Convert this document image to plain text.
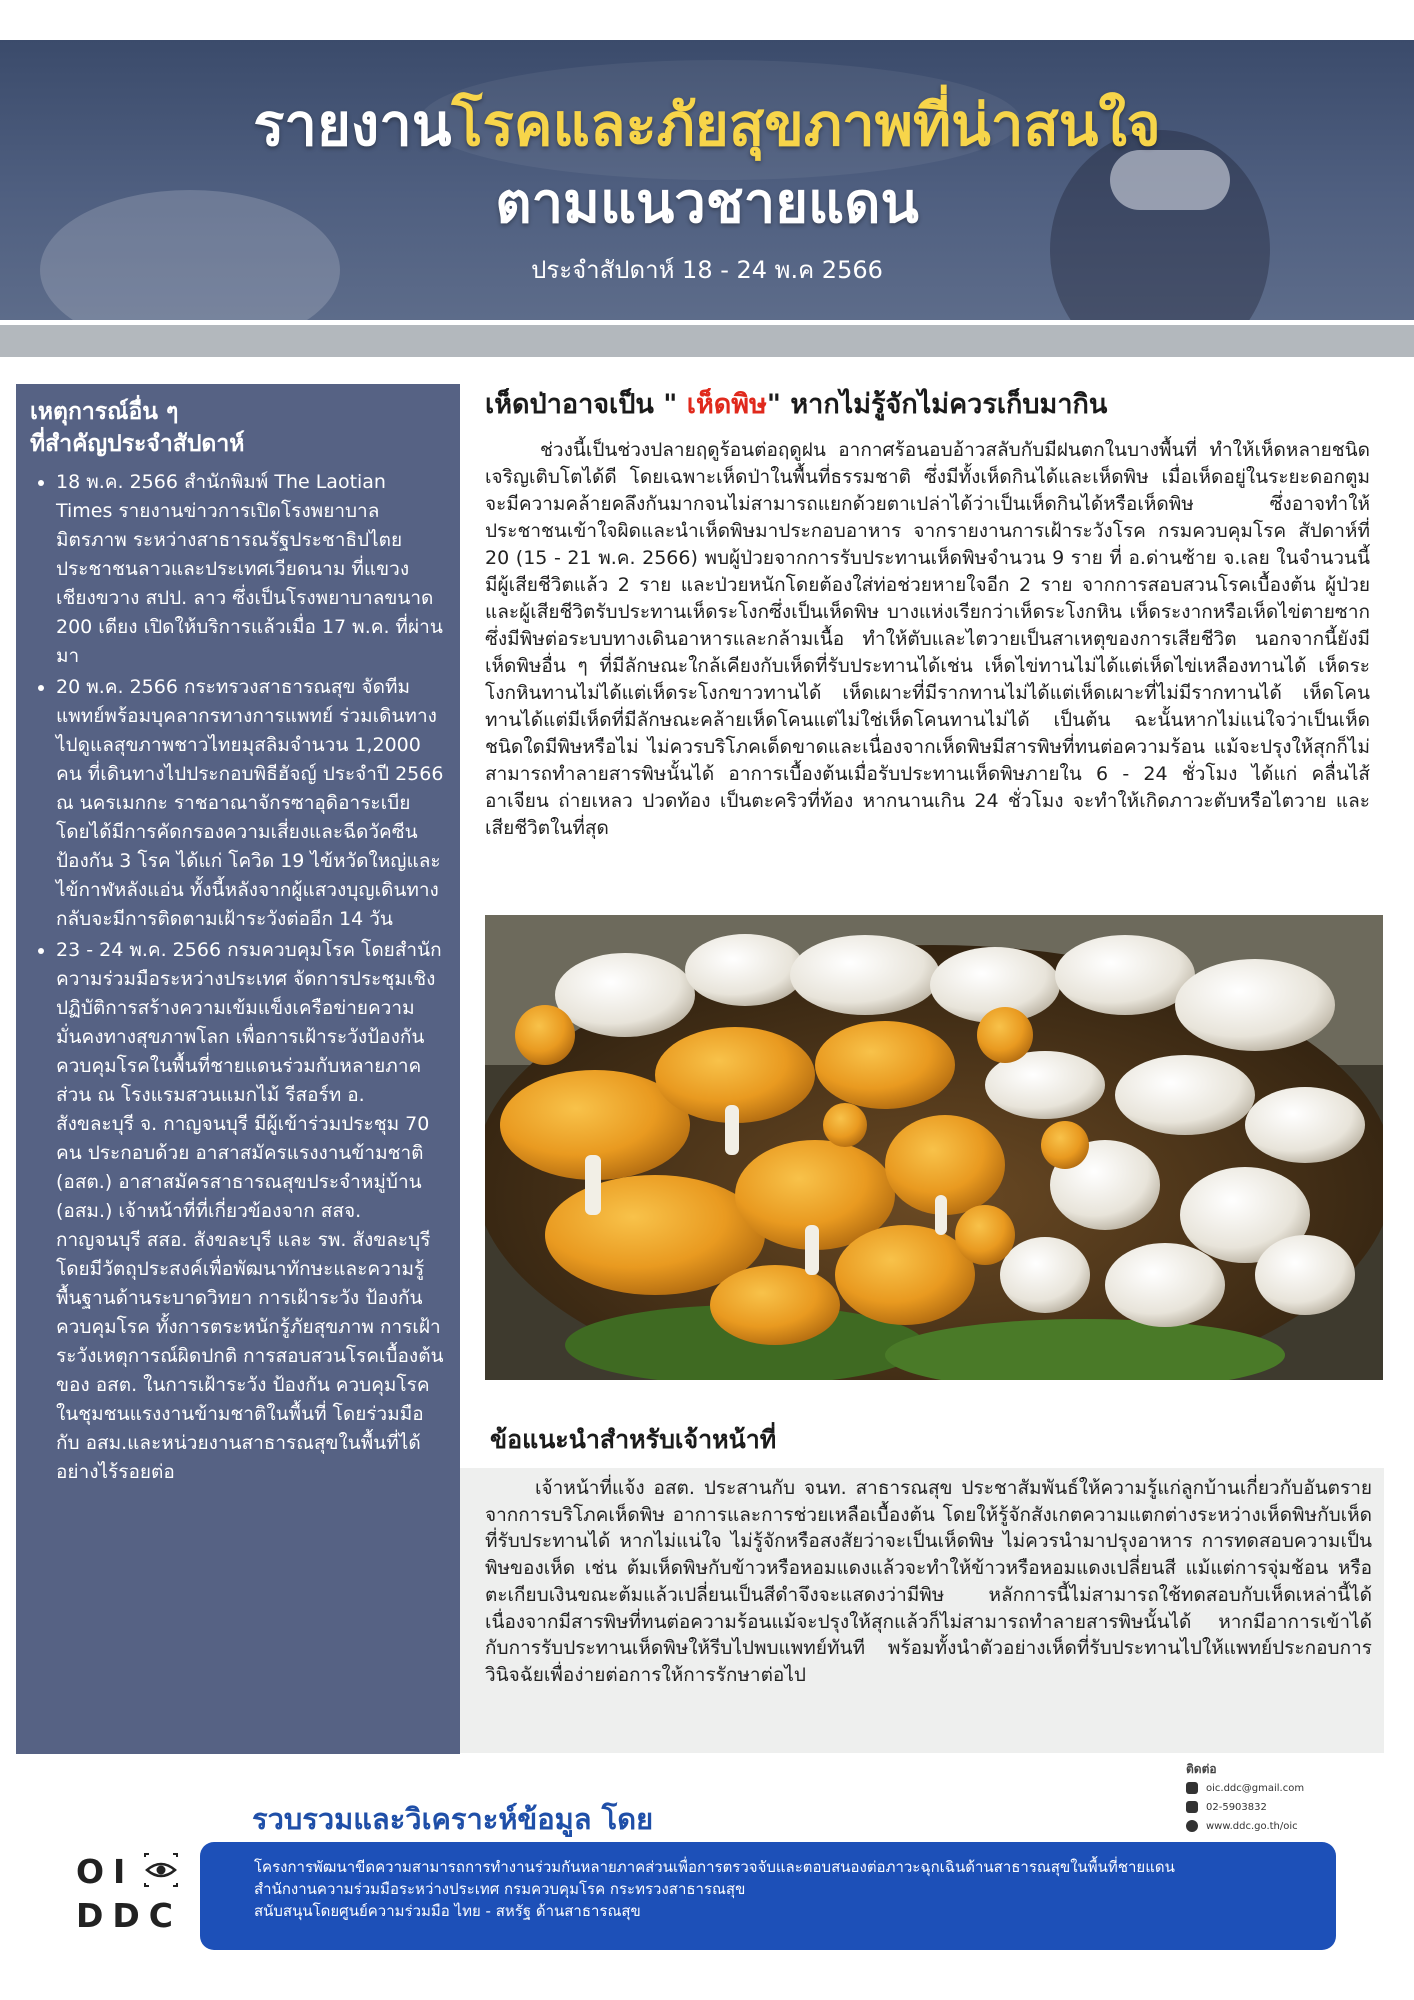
รายงานโรคและภัยสุขภาพที่น่าสนใจ
ตามแนวชายแดน
ประจำสัปดาห์ 18 - 24 พ.ค 2566
เหตุการณ์อื่น ๆ
ที่สำคัญประจำสัปดาห์
• 18 พ.ค. 2566 สำนักพิมพ์ The Laotian Times รายงานข่าวการเปิดโรงพยาบาลมิตรภาพ ระหว่างสาธารณรัฐประชาธิปไตยประชาชนลาวและประเทศเวียดนาม ที่แขวงเชียงขวาง สปป. ลาว ซึ่งเป็นโรงพยาบาลขนาด 200 เตียง เปิดให้บริการแล้วเมื่อ 17 พ.ค. ที่ผ่านมา
• 20 พ.ค. 2566 กระทรวงสาธารณสุข จัดทีมแพทย์พร้อมบุคลากรทางการแพทย์ ร่วมเดินทางไปดูแลสุขภาพชาวไทยมุสลิมจำนวน 1,2000 คน ที่เดินทางไปประกอบพิธีฮัจญ์ ประจำปี 2566 ณ นครเมกกะ ราชอาณาจักรซาอุดิอาระเบีย โดยได้มีการคัดกรองความเสี่ยงและฉีดวัคซีนป้องกัน 3 โรค ได้แก่ โควิด 19 ไข้หวัดใหญ่และไข้กาฬหลังแอ่น ทั้งนี้หลังจากผู้แสวงบุญเดินทางกลับจะมีการติดตามเฝ้าระวังต่ออีก 14 วัน
• 23 - 24 พ.ค. 2566 กรมควบคุมโรค โดยสำนักความร่วมมือระหว่างประเทศ จัดการประชุมเชิงปฏิบัติการสร้างความเข้มแข็งเครือข่ายความมั่นคงทางสุขภาพโลก เพื่อการเฝ้าระวังป้องกันควบคุมโรคในพื้นที่ชายแดนร่วมกับหลายภาคส่วน ณ โรงแรมสวนแมกไม้ รีสอร์ท อ. สังขละบุรี จ. กาญจนบุรี มีผู้เข้าร่วมประชุม 70 คน ประกอบด้วย อาสาสมัครแรงงานข้ามชาติ (อสต.) อาสาสมัครสาธารณสุขประจำหมู่บ้าน (อสม.) เจ้าหน้าที่ที่เกี่ยวข้องจาก สสจ. กาญจนบุรี สสอ. สังขละบุรี และ รพ. สังขละบุรี โดยมีวัตถุประสงค์เพื่อพัฒนาทักษะและความรู้พื้นฐานด้านระบาดวิทยา การเฝ้าระวัง ป้องกัน ควบคุมโรค ทั้งการตระหนักรู้ภัยสุขภาพ การเฝ้าระวังเหตุการณ์ผิดปกติ การสอบสวนโรคเบื้องต้นของ อสต. ในการเฝ้าระวัง ป้องกัน ควบคุมโรคในชุมชนแรงงานข้ามชาติในพื้นที่ โดยร่วมมือกับ อสม.และหน่วยงานสาธารณสุขในพื้นที่ได้อย่างไร้รอยต่อ
เห็ดป่าอาจเป็น " เห็ดพิษ" หากไม่รู้จักไม่ควรเก็บมากิน

ช่วงนี้เป็นช่วงปลายฤดูร้อนต่อฤดูฝน อากาศร้อนอบอ้าวสลับกับมีฝนตกในบางพื้นที่ ทำให้เห็ดหลายชนิดเจริญเติบโตได้ดี โดยเฉพาะเห็ดป่าในพื้นที่ธรรมชาติ ซึ่งมีทั้งเห็ดกินได้และเห็ดพิษ เมื่อเห็ดอยู่ในระยะดอกตูมจะมีความคล้ายคลึงกันมากจนไม่สามารถแยกด้วยตาเปล่าได้ว่าเป็นเห็ดกินได้หรือเห็ดพิษ ซึ่งอาจทำให้ประชาชนเข้าใจผิดและนำเห็ดพิษมาประกอบอาหาร จากรายงานการเฝ้าระวังโรค กรมควบคุมโรค สัปดาห์ที่ 20 (15 - 21 พ.ค. 2566) พบผู้ป่วยจากการรับประทานเห็ดพิษจำนวน 9 ราย ที่ อ.ด่านซ้าย จ.เลย ในจำนวนนี้มีผู้เสียชีวิตแล้ว 2 ราย และป่วยหนักโดยต้องใส่ท่อช่วยหายใจอีก 2 ราย จากการสอบสวนโรคเบื้องต้น ผู้ป่วยและผู้เสียชีวิตรับประทานเห็ดระโงกซึ่งเป็นเห็ดพิษ บางแห่งเรียกว่าเห็ดระโงกหิน เห็ดระงากหรือเห็ดไข่ตายซาก ซึ่งมีพิษต่อระบบทางเดินอาหารและกล้ามเนื้อ ทำให้ตับและไตวายเป็นสาเหตุของการเสียชีวิต นอกจากนี้ยังมีเห็ดพิษอื่น ๆ ที่มีลักษณะใกล้เคียงกับเห็ดที่รับประทานได้เช่น เห็ดไข่ทานไม่ได้แต่เห็ดไข่เหลืองทานได้ เห็ดระโงกหินทานไม่ได้แต่เห็ดระโงกขาวทานได้ เห็ดเผาะที่มีรากทานไม่ได้แต่เห็ดเผาะที่ไม่มีรากทานได้ เห็ดโคนทานได้แต่มีเห็ดที่มีลักษณะคล้ายเห็ดโคนแต่ไม่ใช่เห็ดโคนทานไม่ได้ เป็นต้น ฉะนั้นหากไม่แน่ใจว่าเป็นเห็ดชนิดใดมีพิษหรือไม่ ไม่ควรบริโภคเด็ดขาดและเนื่องจากเห็ดพิษมีสารพิษที่ทนต่อความร้อน แม้จะปรุงให้สุกก็ไม่สามารถทำลายสารพิษนั้นได้ อาการเบื้องต้นเมื่อรับประทานเห็ดพิษภายใน 6 - 24 ชั่วโมง ได้แก่ คลื่นไส้ อาเจียน ถ่ายเหลว ปวดท้อง เป็นตะคริวที่ท้อง หากนานเกิน 24 ชั่วโมง จะทำให้เกิดภาวะตับหรือไตวาย และเสียชีวิตในที่สุด

ข้อแนะนำสำหรับเจ้าหน้าที่

เจ้าหน้าที่แจ้ง อสต. ประสานกับ จนท. สาธารณสุข ประชาสัมพันธ์ให้ความรู้แก่ลูกบ้านเกี่ยวกับอันตรายจากการบริโภคเห็ดพิษ อาการและการช่วยเหลือเบื้องต้น โดยให้รู้จักสังเกตความแตกต่างระหว่างเห็ดพิษกับเห็ดที่รับประทานได้ หากไม่แน่ใจ ไม่รู้จักหรือสงสัยว่าจะเป็นเห็ดพิษ ไม่ควรนำมาปรุงอาหาร การทดสอบความเป็นพิษของเห็ด เช่น ต้มเห็ดพิษกับข้าวหรือหอมแดงแล้วจะทำให้ข้าวหรือหอมแดงเปลี่ยนสี แม้แต่การจุ่มช้อน หรือตะเกียบเงินขณะต้มแล้วเปลี่ยนเป็นสีดำจึงจะแสดงว่ามีพิษ หลักการนี้ไม่สามารถใช้ทดสอบกับเห็ดเหล่านี้ได้ เนื่องจากมีสารพิษที่ทนต่อความร้อนแม้จะปรุงให้สุกแล้วก็ไม่สามารถทำลายสารพิษนั้นได้ หากมีอาการเข้าได้กับการรับประทานเห็ดพิษให้รีบไปพบแพทย์ทันที พร้อมทั้งนำตัวอย่างเห็ดที่รับประทานไปให้แพทย์ประกอบการวินิจฉัยเพื่อง่ายต่อการให้การรักษาต่อไป

ติดต่อ
oic.ddc@gmail.com
02-5903832
www.ddc.go.th/oic
รวบรวมและวิเคราะห์ข้อมูล โดย
OI
DDC
โครงการพัฒนาขีดความสามารถการทำงานร่วมกันหลายภาคส่วนเพื่อการตรวจจับและตอบสนองต่อภาวะฉุกเฉินด้านสาธารณสุขในพื้นที่ชายแดน
สำนักงานความร่วมมือระหว่างประเทศ กรมควบคุมโรค กระทรวงสาธารณสุข
สนับสนุนโดยศูนย์ความร่วมมือ ไทย - สหรัฐ ด้านสาธารณสุข
